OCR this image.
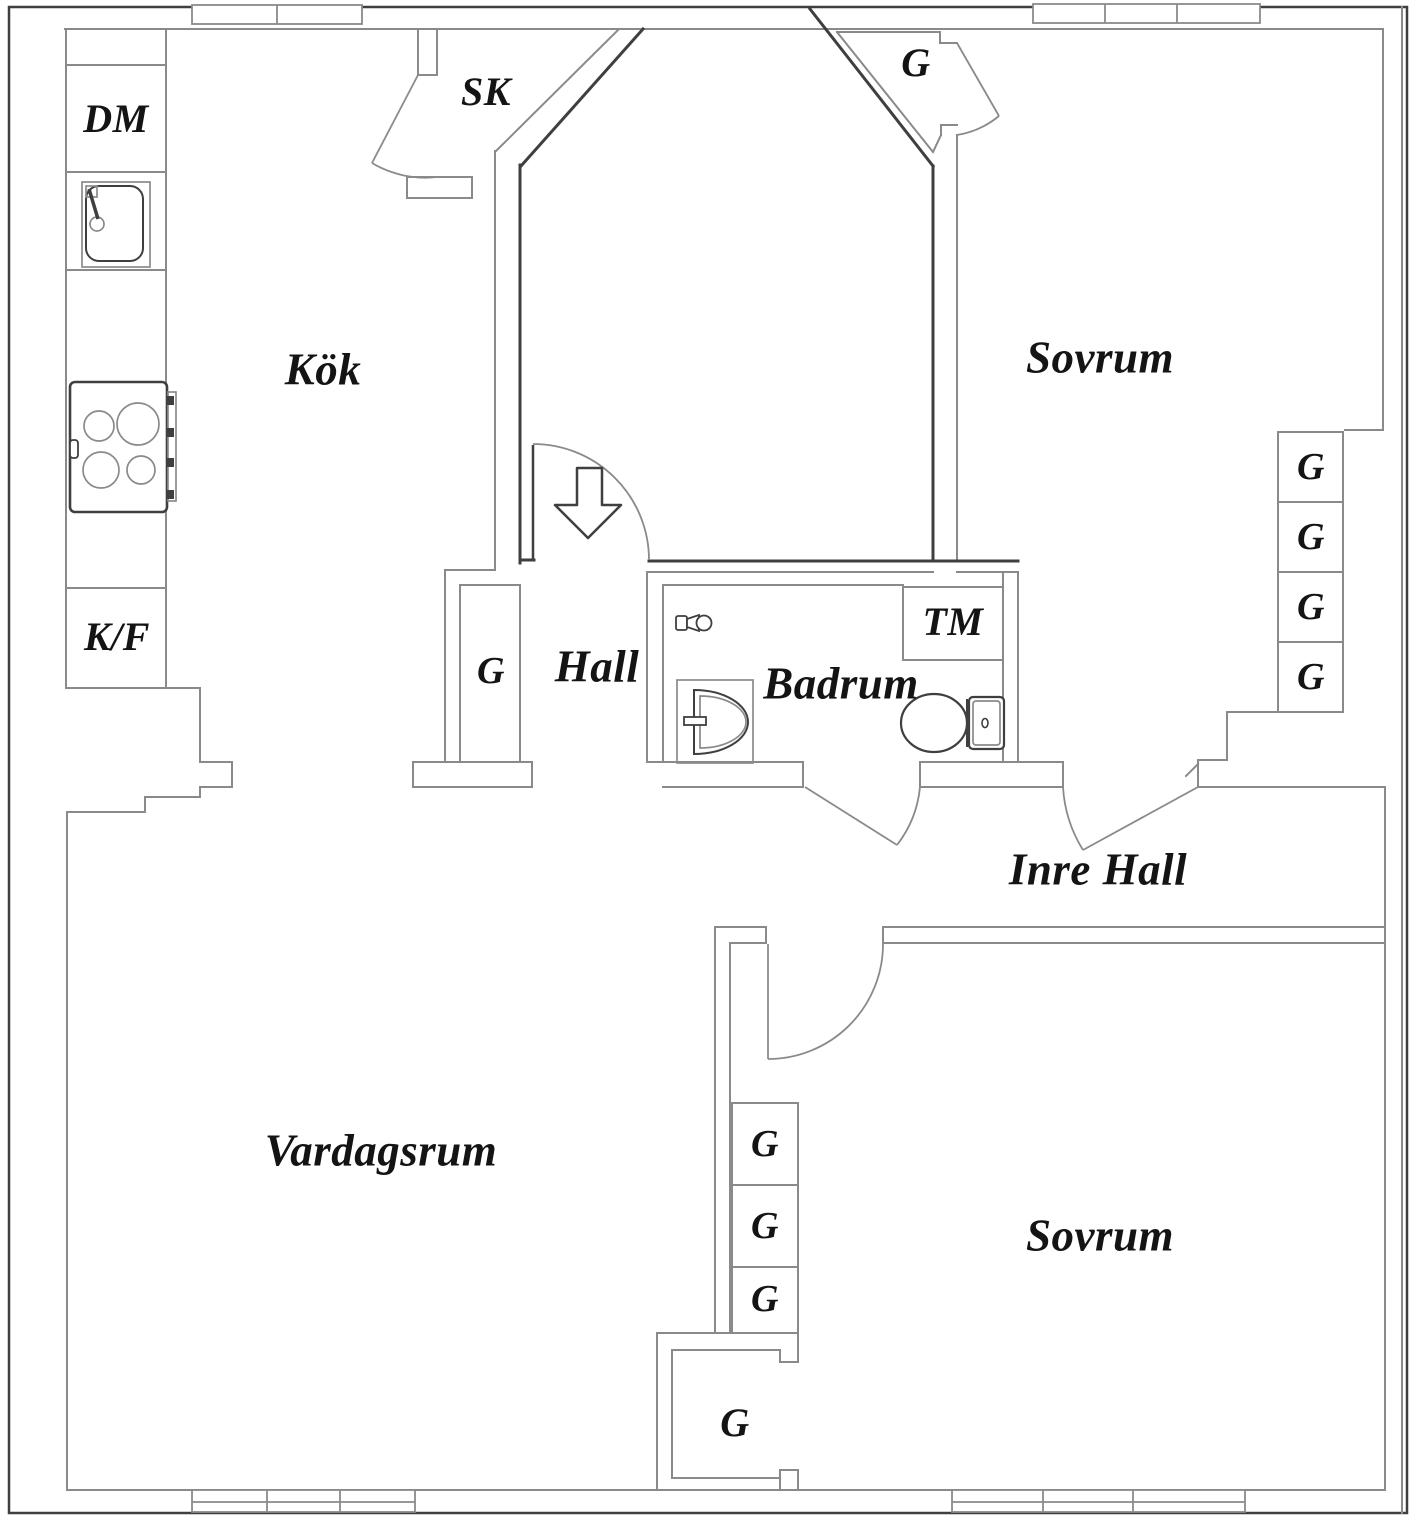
DM
SK
Kök
G
Sovrum
G
G
G
G
K/F
G Hall	Badrum
TM
Inre Hall
Vardagsrum
Sovrum
G
G
G
G
